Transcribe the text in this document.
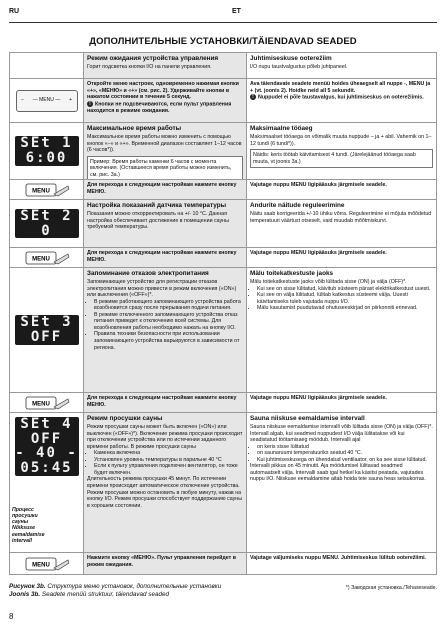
RU	ET
ДОПОЛНИТЕЛЬНЫЕ УСТАНОВКИ/TÄIENDAVAD SEADED
Режим ожидания устройства управления
Горит подсветка кнопки I/O на панели управления.
Juhtimiseskuse ooterežiim
I/O nupu taustvalgustus põleb juhtpaneel.
− — MENU — +
Откройте меню настроек, одновременно нажимая кнопки «+», «МЕНЮ» и «+» (см. рис. 2). Удерживайте кнопки в нажатом состоянии в течение 5 секунд.
! Кнопки не подсвечиваются, если пульт управления находится в режиме ожидания.
Ava täiendavate seadete menüü hoides üheaegselt all nuppe -, MENU ja + (vt. joonis 2). Hoidke neid all 5 sekundit.
! Nuppudel ei põle taustavalgus, kui juhtimiseskus on ooterežiimis.
SEt 1
6:00
Максимальное время работы
Максимальное время работы можно изменить с помощью кнопок «–» и «+». Временной диапазон составляет 1–12 часов (6 часов*)).
Пример: Время работы каменки 6 часов с момента включения. (Оставшееся время работы можно изменить, см. рис. 3а.)
Maksimaalne tööaeg
Maksimaalset tööaega on võimalik muuta nuppude – ja + abil. Vahemik on 1–12 tundi (6 tundi*)).
Näidis: keris töötab käivitamisest 4 tundi. (Järelejäänud tööaega saab muuta, vt joonis 3a.)
MENU
Для перехода к следующим настройкам нажмите кнопку МЕНЮ.
Vajutage nuppu MENU ligipääsuks järgmisele seadele.
SEt 2
0
Настройка показаний датчика температуры
Показания можно откорректировать на +/- 10 °С. Данная настройка обеспечивает достижение в помещении сауны требуемой температуры.
Andurite näitude reguleerimine
Näitu saab korrigeerida +/-10 ühiku võrra. Reguleerimine ei mõjuta mõõdetud temperatuuri väärtust otseselt, vaid muudab mõõtmiskurvi.
MENU
Для перехода к следующим настройкам нажмите кнопку МЕНЮ.
Vajutage nuppu MENU ligipääsuks järgmisele seadele.
SEt 3
OFF
Запоминание отказов электропитания
Запоминающее устройство для регистрации отказов электропитания можно привести в режим включения («ON») или выключения («OFF»)*.
• В режиме работающего запоминающего устройства работа возобновится сразу после прерывания подачи питания.
• В режиме отключенного запоминающего устройства отказ питания приведет к отключению всей системы. Для возобновления работы необходимо нажать на кнопку I/O.
• Правила техники безопасности при использовании запоминающего устройства варьируются в зависимости от региона.
Mälu toitekatkestuste jaoks
Mälu toitekatkestuste jaoks võib lülitada sisse (ON) ja välja (OFF)*.
• Kui see on sisse lülitatud, käivitub süsteem pärast elektrikatkestust uuesti.
• Kui see on välja lülitatud, lülitab katkestus süsteemi välja. Uuesti käivitamiseks tuleb vajutada nuppu I/O.
• Mälu kasutamist puudutavad ohutuseeskirjad on piirkonniti erinevad.
MENU
Для перехода к следующим настройкам нажмите кнопку МЕНЮ.
Vajutage nuppu MENU ligipääsuks järgmisele seadele.
SEt 4
OFF
- 40 -
05:45
Процесс просушки сауны Nõiksuse eemaldamise intervall
Режим просушки сауны
Режим просушки сауны может быть включен («ON») или выключен («OFF»)*). Включение режима просушки происходит при отключении устройства или по истечении заданного времени работы. В режиме просушки сауны
• Каменка включена
• Установлен уровень температуры в парильне 40 °С
• Если к пульту управления подключен вентилятор, он тоже будет включен.
Длительность режима просушки 45 минут. По истечении времени происходит автоматическое отключение устройства. Режим просушки можно остановить в любую минуту, нажав на кнопку I/O. Режим просушки способствует поддержанию сауны в хорошем состоянии.
Sauna niiskuse eemaldamise intervall
Sauna niiskuse eemaldamise intervalli võib lülitada sisse (ON) ja välja (OFF)*. Intervall algab, kui seadmed nuppudest I/O välja lülitatakse või kui seadistatud töötamisaeg möödub. Intervalli ajal
• on keris sisse lülitatud
• on saunaruumi temperatuuriks seatud 40 °C.
• Kui juhtimiseskusega on ühendatud ventilaator, on ka see sisse lülitatud.
Intervalli pikkus on 45 minutit. Aja möödumisel lülitavad seadmed automaatselt välja. Intervalli saab igal hetkel ka käsitsi peatada, vajutades nuppu I/O. Niiskuse eemaldamine aitab hoida teie sauna heas seisukorras.
MENU
Нажмите кнопку «МЕНЮ». Пульт управления перейдет в режим ожидания.
Vajutage väljumiseks nuppu MENU. Juhtimiseskus lülitub ooterežiimi.
Рисунок 3b. Структура меню установок, дополнительные установки
Joonis 3b. Seadete menüü struktuur, täiendavad seaded
*) Заводская установка./Tehaseseade.
8
